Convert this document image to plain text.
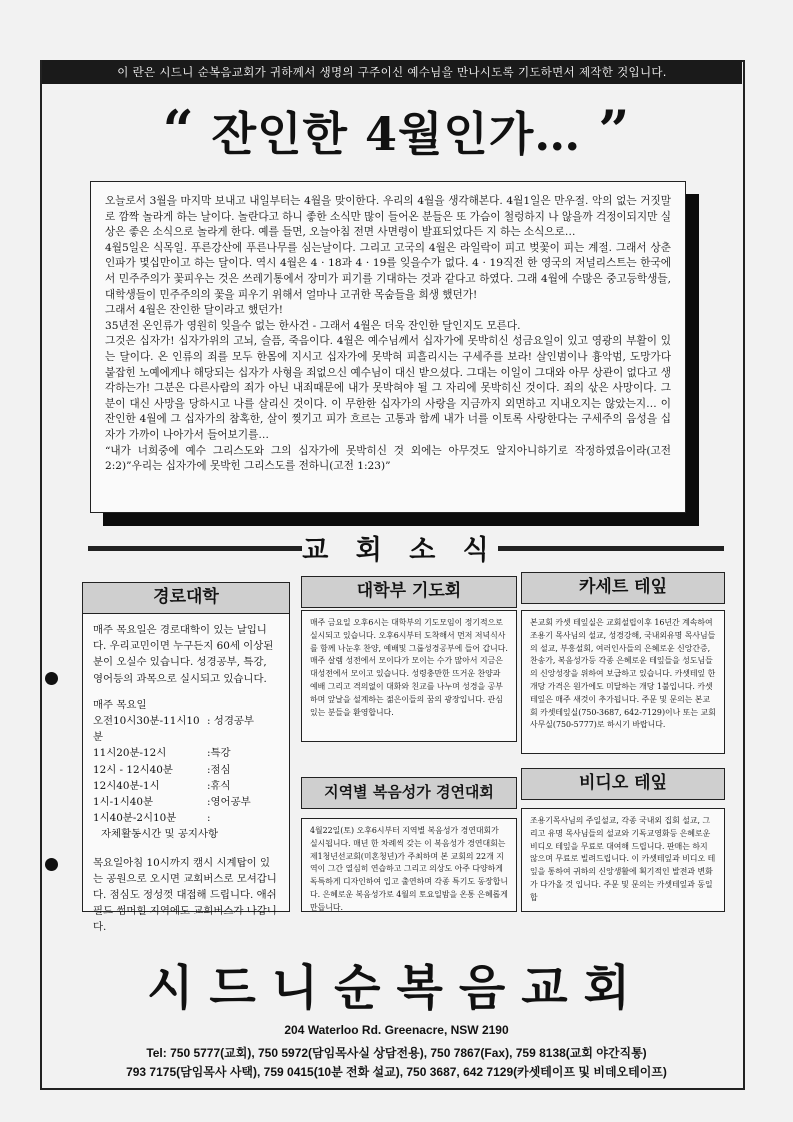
이 란은 시드니 순복음교회가 귀하께서 생명의 구주이신 예수님을 만나시도록 기도하면서 제작한 것입니다.
“ 잔인한 4월인가… ”

오늘로서 3월을 마지막 보내고 내일부터는 4월을 맞이한다. 우리의 4월을 생각해본다. 4월1일은 만우절. 악의 없는 거짓말로 깜짝 놀라게 하는 날이다. 놀란다고 하니 좋한 소식만 많이 들어온 분들은 또 가슴이 철렁하지 나 않을까 걱정이되지만 실상은 좋은 소식으로 놀라게 한다. 예를 들면, 오늘아침 전면 사면령이 발표되었다든 지 하는 소식으로…

4월5일은 식목일. 푸른강산에 푸른나무를 심는날이다. 그리고 고국의 4월은 라일락이 피고 벚꽃이 피는 계절. 그래서 상춘인파가 몇십만이고 하는 달이다. 역시 4월은 4 · 18과 4 · 19를 잊을수가 없다. 4 · 19직전 한 영국의 저널리스트는 한국에서 민주주의가 꽃피우는 것은 쓰레기통에서 장미가 피기를 기대하는 것과 같다고 하였다. 그래 4월에 수많은 중고등학생들, 대학생들이 민주주의의 꽃을 피우기 위해서 얼마나 고귀한 목숨들을 희생 했던가!

그래서 4월은 잔인한 달이라고 했던가!

35년전 온인류가 영원히 잊을수 없는 한사건 - 그래서 4월은 더욱 잔인한 달인지도 모른다.

그것은 십자가! 십자가위의 고뇌, 슬픔, 죽음이다. 4월은 예수님께서 십자가에 못박히신 성금요일이 있고 영광의 부활이 있는 달이다. 온 인류의 죄를 모두 한몸에 지시고 십자가에 못박혀 피흘리시는 구세주를 보라! 살인범이나 흉악범, 도망가다 붙잡힌 노예에게나 해당되는 십자가 사형을 죄없으신 예수님이 대신 받으셨다. 그대는 이일이 그대와 아무 상관이 없다고 생각하는가! 그분은 다른사람의 죄가 아닌 내죄때문에 내가 못박혀야 될 그 자리에 못박히신 것이다. 죄의 삯은 사망이다. 그분이 대신 사망을 당하시고 나를 살리신 것이다. 이 무한한 십자가의 사랑을 지금까지 외면하고 지내오지는 않았는지… 이 잔인한 4월에 그 십자가의 참혹한, 살이 찢기고 피가 흐르는 고통과 함께 내가 너를 이토록 사랑한다는 구세주의 음성을 십자가 가까이 나아가서 들어보기를…

“내가 너희중에 예수 그리스도와 그의 십자가에 못박히신 것 외에는 아무것도 알지아니하기로 작정하였음이라(고전 2:2)”우리는 십자가에 못박힌 그리스도를 전하니(고전 1:23)”

교 회 소 식
경로대학	대학부 기도회	카세트 테잎
지역별 복음성가 경연대회	비디오 테잎

매주 목요일은 경로대학이 있는 날입니다. 우리교민이면 누구든지 60세 이상된 분이 오실수 있습니다. 성경공부, 특강, 영어등의 과목으로 실시되고 있습니다.

매주 목요일

오전10시30분-11시10분
: 성경공부
11시20분-12시	:특강
12시 - 12시40분	:점심
12시40분-1시	:휴식
1시-1시40분	:영어공부
1시40분-2시10분	:

자체활동시간 및 공지사항

목요일아침 10시까지 캠시 시계탑이 있는 공원으로 오시면 교회버스로 모셔갑니다. 점심도 정성껏 대접해 드립니다. 애쉬필드 썸머힐 지역에도 교회버스가 나갑니다.

매주 금요일 오후6시는 대학부의 기도모임이 정기적으로 실시되고 있습니다. 오후6시부터 도착해서 먼저 저녁식사를 함께 나눈후 찬양, 예배및 그룹성경공부에 들어 갑니다. 매주 살렘 성전에서 모이다가 모이는 수가 많아서 지금은 대성전에서 모이고 있습니다. 성령충만한 뜨거운 찬양과 예배 그리고 격의없이 대화와 친교를 나누며 성경을 공부하며 앞날을 설계하는 젊은이들의 꿈의 광장입니다. 관심있는 분들을 환영합니다.

본교회 카셋 테잎실은 교회설립이후 16년간 계속하여 조용기 목사님의 설교, 성경강해, 국내외유명 목사님들의 설교, 부흥설회, 여러인사들의 은혜로운 신앙간증, 찬송가, 복음성가등 각종 은혜로운 테잎들을 성도님들의 신앙성장을 위하여 보급하고 있습니다. 카셋테잎 한개당 가격은 원가에도 미달하는 개당 1불입니다. 카셋테잎은 매주 새것이 추가됩니다. 주문 및 문의는 본교회 카셋테잎실(750-3687, 642-7129)이나 또는 교회사무실(750-5777)로 하시기 바랍니다.

4월22일(토) 오후6시부터 지역별 복음성가 경연대회가 실시됩니다. 매년 한 차례씩 갖는 이 복음성가 경연대회는 제1청년선교회(미혼청년)가 주최하며 본 교회의 22개 지역이 그간 열심히 연습하고 그리고 의상도 아주 다양하게 독특하게 디자인하여 입고 출연하며 각종 특기도 동장합니다. 은혜로운 복음성가로 4월의 토요일밤을 온통 은혜롭게 만듭니다.

조용기목사님의 주일설교, 각종 국내외 집회 설교, 그리고 유명 목사님들의 설교와 기독교영화등 은혜로운 비디오 테잎을 무료로 대여해 드립니다. 판매는 하지 않으며 무료로 빌려드립니다. 이 카셋테잎과 비디오 테잎을 통하여 귀하의 신앙생활에 획기적인 발전과 변화가 다가올 것 입니다. 주문 및 문의는 카셋테잎과 동일합

시드니순복음교회
204 Waterloo Rd. Greenacre, NSW 2190
Tel: 750 5777(교회), 750 5972(담임목사실 상담전용), 750 7867(Fax), 759 8138(교회 야간직통)
793 7175(담임목사 사택), 759 0415(10분 전화 설교), 750 3687, 642 7129(카셋테이프 및 비데오테이프)
